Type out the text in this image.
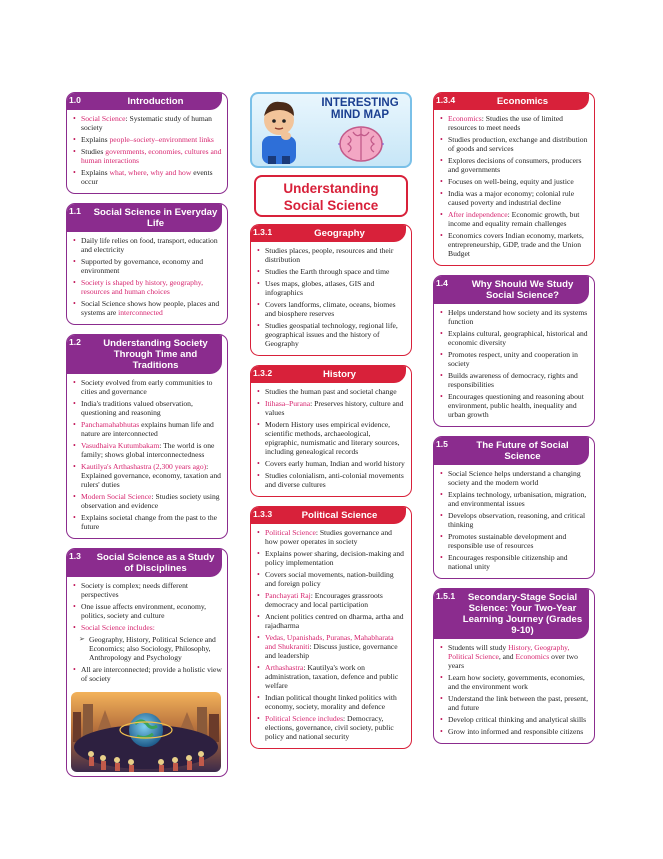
1.0	Introduction
• Social Science: Systematic study of human society
• Explains people–society–environment links
• Studies governments, economies, cultures and human interactions
• Explains what, where, why and how events occur
1.1 Social Science in Everyday Life
• Daily life relies on food, transport, education and electricity
• Supported by governance, economy and environment
• Society is shaped by history, geography, resources and human choices
• Social Science shows how people, places and systems are interconnected
1.2 Understanding Society Through Time and Traditions
• Society evolved from early communities to cities and governance
• India's traditions valued observation, questioning and reasoning
• Panchamahabhutas explains human life and nature are interconnected
• Vasudhaiva Kutumbakam: The world is one family; shows global interconnectedness
• Kautilya's Arthashastra (2,300 years ago): Explained governance, economy, taxation and rulers' duties
• Modern Social Science: Studies society using observation and evidence
• Explains societal change from the past to the future
1.3 Social Science as a Study of Disciplines
• Society is complex; needs different perspectives
• One issue affects environment, economy, politics, society and culture
• Social Science includes:
➢ Geography, History, Political Science and Economics; also Sociology, Philosophy, Anthropology and Psychology
• All are interconnected; provide a holistic view of society
INTERESTING MIND MAP
Understanding
Social Science
1.3.1	Geography
• Studies places, people, resources and their distribution
• Studies the Earth through space and time
• Uses maps, globes, atlases, GIS and infographics
• Covers landforms, climate, oceans, biomes and biosphere reserves
• Studies geospatial technology, regional life, geographical issues and the history of Geography
1.3.2	History
• Studies the human past and societal change
• Itihasa–Purana: Preserves history, culture and values
• Modern History uses empirical evidence, scientific methods, archaeological, epigraphic, numismatic and literary sources, including genealogical records
• Covers early human, Indian and world history
• Studies colonialism, anti-colonial movements and diverse cultures
1.3.3	Political Science
• Political Science: Studies governance and how power operates in society
• Explains power sharing, decision-making and policy implementation
• Covers social movements, nation-building and foreign policy
• Panchayati Raj: Encourages grassroots democracy and local participation
• Ancient politics centred on dharma, artha and rajadharma
• Vedas, Upanishads, Puranas, Mahabharata and Shukraniti: Discuss justice, governance and leadership
• Arthashastra: Kautilya's work on administration, taxation, defence and public welfare
• Indian political thought linked politics with economy, society, morality and defence
• Political Science includes: Democracy, elections, governance, civil society, public policy and national security
1.3.4	Economics
• Economics: Studies the use of limited resources to meet needs
• Studies production, exchange and distribution of goods and services
• Explores decisions of consumers, producers and governments
• Focuses on well-being, equity and justice
• India was a major economy; colonial rule caused poverty and industrial decline
• After independence: Economic growth, but income and equality remain challenges
• Economics covers Indian economy, markets, entrepreneurship, GDP, trade and the Union Budget
1.4 Why Should We Study Social Science?
• Helps understand how society and its systems function
• Explains cultural, geographical, historical and economic diversity
• Promotes respect, unity and cooperation in society
• Builds awareness of democracy, rights and responsibilities
• Encourages questioning and reasoning about environment, public health, inequality and urban growth
1.5	The Future of Social Science
• Social Science helps understand a changing society and the modern world
• Explains technology, urbanisation, migration, and environmental issues
• Develops observation, reasoning, and critical thinking
• Promotes sustainable development and responsible use of resources
• Encourages responsible citizenship and national unity
1.5.1 Secondary-Stage Social Science: Your Two-Year Learning Journey (Grades 9-10)
• Students will study History, Geography, Political Science, and Economics over two years
• Learn how society, governments, economies, and the environment work
• Understand the link between the past, present, and future
• Develop critical thinking and analytical skills
• Grow into informed and responsible citizens
